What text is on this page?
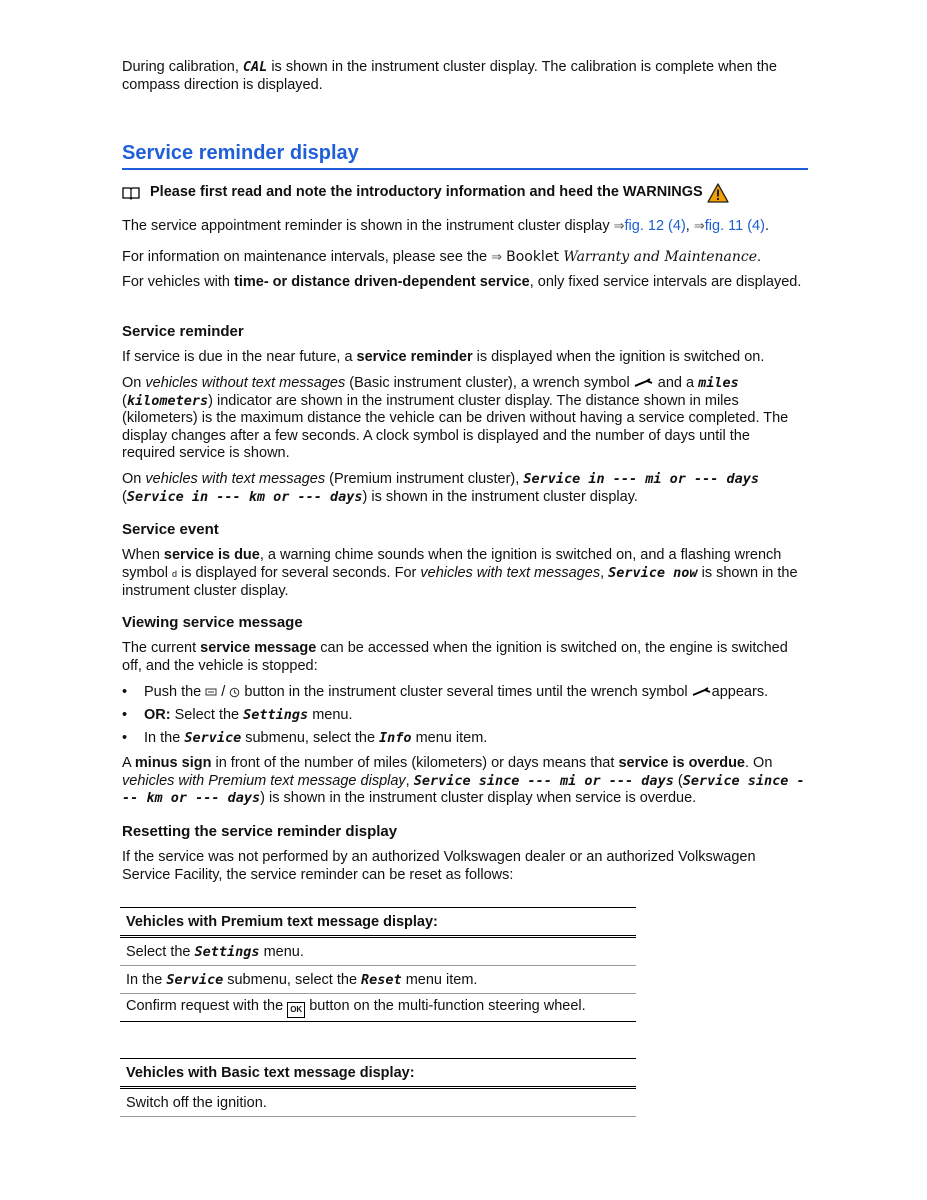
During calibration, CAL is shown in the instrument cluster display. The calibration is complete when the compass direction is displayed.

Service reminder display

Please first read and note the introductory information and heed the WARNINGS

The service appointment reminder is shown in the instrument cluster display ⇒fig. 12 (4), ⇒fig. 11 (4).

For information on maintenance intervals, please see the ⇒ Booklet Warranty and Maintenance.

For vehicles with time- or distance driven-dependent service, only fixed service intervals are displayed.

Service reminder

If service is due in the near future, a service reminder is displayed when the ignition is switched on.

On vehicles without text messages (Basic instrument cluster), a wrench symbol  and a miles
(kilometers) indicator are shown in the instrument cluster display. The distance shown in miles (kilometers) is the maximum distance the vehicle can be driven without having a service completed. The display changes after a few seconds. A clock symbol is displayed and the number of days until the required service is shown.

On vehicles with text messages (Premium instrument cluster), Service in --- mi or --- days
(Service in --- km or --- days) is shown in the instrument cluster display.

Service event

When service is due, a warning chime sounds when the ignition is switched on, and a flashing wrench symbol d is displayed for several seconds. For vehicles with text messages, Service now is shown in the instrument cluster display.

Viewing service message

The current service message can be accessed when the ignition is switched on, the engine is switched off, and the vehicle is stopped:

• Push the  /  button in the instrument cluster several times until the wrench symbol appears.
• OR: Select the Settings menu.
• In the Service submenu, select the Info menu item.

A minus sign in front of the number of miles (kilometers) or days means that service is overdue. On
vehicles with Premium text message display, Service since --- mi or --- days (Service since --- km or --- days) is shown in the instrument cluster display when service is overdue.

Resetting the service reminder display

If the service was not performed by an authorized Volkswagen dealer or an authorized Volkswagen Service Facility, the service reminder can be reset as follows:

Vehicles with Premium text message display:
Select the Settings menu.
In the Service submenu, select the Reset menu item.
Confirm request with the OK button on the multi-function steering wheel.
Vehicles with Basic text message display:
Switch off the ignition.
